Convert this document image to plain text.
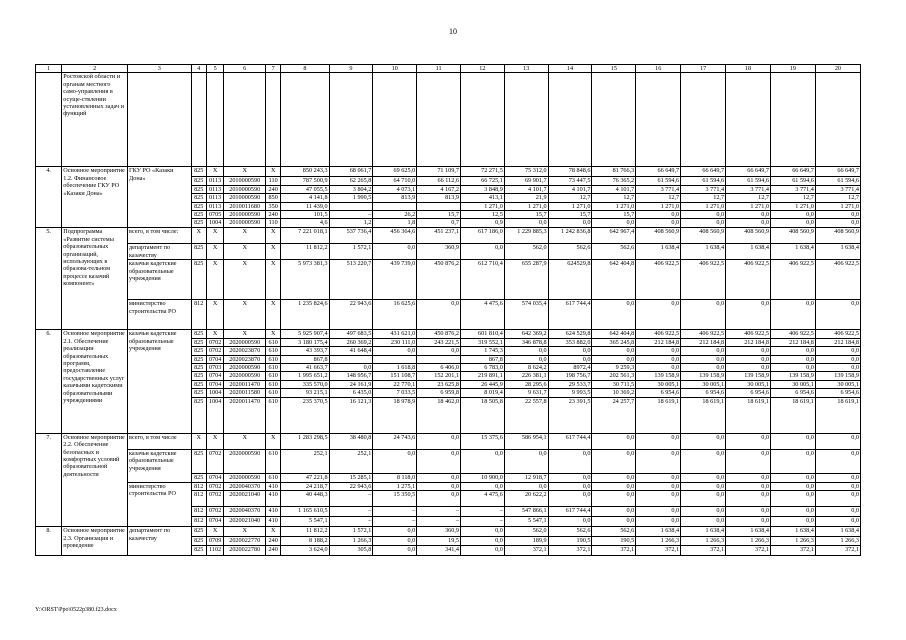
10
1	2	3	4	5	6	7	8	9	10	11	12	13	14	15	16	17	18	19	20
	Ростовской области и органам местного само-управления в осуще-ствлении установленных задач и функций																		
4.	Основное мероприятие 1.2. Финансовое обеспечение ГКУ РО «Казаки Дона»	ГКУ РО «Казаки Дона»	825	X	X	X	850 243,3	68 061,7	69 625,0	71 109,7	72 271,5	75 312,0	78 848,6	81 766,3	66 649,7	66 649,7	66 649,7	66 649,7	66 649,7
			825	0113	2010000590	110	787 500,9	62 265,8	64 710,0	66 112,6	66 725,1	69 901,7	73 447,5	76 365,2	61 594,6	61 594,6	61 594,6	61 594,6	61 594,6
			825	0113	2010000590	240	47 055,5	3 804,2	4 073,1	4 167,2	3 848,9	4 101,7	4 101,7	4 101,7	3 771,4	3 771,4	3 771,4	3 771,4	3 771,4
			825	0113	2010000590	850	4 141,8	1 990,5	813,9	813,9	413,1	21,9	12,7	12,7	12,7	12,7	12,7	12,7	12,7
			825	0113	2010011680	350	11 439,0				1 271,0	1 271,0	1 271,0	1 271,0	1 271,0	1 271,0	1 271,0	1 271,0	1 271,0
			825	0705	2010000590	240	101,5	–	26,2	15,7	12,5	15,7	15,7	15,7	0,0	0,0	0,0	0,0	0,0
			825	1004	2010000590	110	4,6	1,2	1,8	0,7	0,9	0,0	0,0	0,0	0,0	0,0	0,0	0,0	0,0
5.	Подпрограмма «Развитие системы образовательных организаций, использующих в образова-тельном процессе казачий компонент»	всего, в том числе:	X	X	X	X	7 221 018,1	537 736,4	456 364,6	451 237,1	617 186,0	1 229 885,3	1 242 836,8	642 967,4	408 560,9	408 560,9	408 560,9	408 560,9	408 560,9
		департамент по казачеству	825	X	X	X	11 812,2	1 572,1	0,0	360,9	0,0	562,0	562,6	562,6	1 638,4	1 638,4	1 638,4	1 638,4	1 638,4
		казачьи кадетские образовательные учреждения	825	X	X	X	5 973 381,3	513 220,7	439 739,0	450 876,2	612 710,4	655 287,9	624529,8	642 404,8	406 922,5	406 922,5	406 922,5	406 922,5	406 922,5
		министерство строительства РО	812	X	X	X	1 235 824,6	22 943,6	16 625,6	0,0	4 475,6	574 035,4	617 744,4	0,0	0,0	0,0	0,0	0,0	0,0
6.	Основное мероприятие 2.1. Обеспечение реализации образовательных программ, предоставление государственных услуг казачьими кадетскими образовательными учреждениями	казачьи кадетские образовательные учреждения	825	X	X	X	5 925 907,4	497 683,5	431 621,0	450 876,2	601 810,4	642 369,2	624 529,8	642 404,8	406 922,5	406 922,5	406 922,5	406 922,5	406 922,5
			825	0702	2020000590	610	3 180 175,4	260 369,2	230 111,0	243 221,5	319 552,1	346 878,8	353 882,0	365 245,8	212 184,8	212 184,8	212 184,8	212 184,8	212 184,8
			825	0702	2020023870	610	43 393,7	41 648,4	0,0	0,0	1 745,3	0,0	0,0	0,0	0,0	0,0	0,0	0,0	0,0
			825	0704	2020023870	610	867,8				867,8	0,0	0,0	0,0	0,0	0,0	0,0	0,0	0,0
			825	0703	2020000590	610	41 663,7	0,0	1 618,8	6 406,0	6 783,0	8 624,2	8972,4	9 259,3	0,0	0,0	0,0	0,0	0,0
			825	0704	2020000590	610	1 995 651,2	148 956,7	151 108,7	152 201,1	219 891,1	226 381,1	198 756,7	202 561,3	139 158,9	139 158,9	139 158,9	139 158,9	139 158,9
			825	0704	2020011470	610	335 570,0	24 161,9	22 770,1	23 625,8	26 445,9	28 295,6	29 533,7	30 711,5	30 005,1	30 005,1	30 005,1	30 005,1	30 005,1
			825	1004	2020011580	610	93 215,1	6 435,0	7 033,5	6 959,8	8 019,4	9 631,7	9 993,5	10 369,2	6 954,6	6 954,6	6 954,6	6 954,6	6 954,6
			825	1004	2020011470	610	235 370,5	16 121,3	18 978,9	18 462,0	18 505,8	22 557,8	23 391,5	24 257,7	18 619,1	18 619,1	18 619,1	18 619,1	18 619,1
7.	Основное мероприятие 2.2. Обеспечение безопасных и комфортных условий образовательной деятельности	всего, в том числе	X	X	X	X	1 283 298,5	38 480,8	24 743,6	0,0	15 375,6	586 954,1	617 744,4	0,0	0,0	0,0	0,0	0,0	0,0
		казачьи кадетские образовательные учреждения	825	0702	2020000590	610	252,1	252,1	0,0	0,0	0,0	0,0	0,0	0,0	0,0	0,0	0,0	0,0	0,0
			825	0704	2020000590	610	47 221,8	15 285,1	8 118,0	0,0	10 900,0	12 918,7	0,0	0,0	0,0	0,0	0,0	0,0	0,0
		министерство строительства РО	812	0702	2020040370	410	24 218,7	22 943,6	1 275,1	0,0	0,0	0,0	0,0	0,0	0,0	0,0	0,0	0,0	0,0
			812	0702	2020021040	410	40 448,3	–	15 350,5	0,0	4 475,6	20 622,2	0,0	0,0	0,0	0,0	0,0	0,0	0,0
			812	0702	2020040370	410	1 165 610,5	–	–	–	–	547 866,1	617 744,4	0,0	0,0	0,0	0,0	0,0	0,0
			812	0704	2020021040	410	5 547,1	–	–	–	–	5 547,1	0,0	0,0	0,0	0,0	0,0	0,0	0,0
8.	Основное мероприятие 2.3. Организация и проведение	департамент по казачеству	825	X	X	X	11 812,2	1 572,1	0,0	360,9	0,0	562,0	562,6	562,6	1 638,4	1 638,4	1 638,4	1 638,4	1 638,4
			825	0709	2020022770	240	8 188,2	1 266,3	0,0	19,5	0,0	189,9	190,5	190,5	1 266,3	1 266,3	1 266,3	1 266,3	1 266,3
			825	1102	2020022780	240	3 624,0	305,8	0,0	341,4	0,0	372,1	372,1	372,1	372,1	372,1	372,1	372,1	372,1
Y:\ORST\Ppo\0522p380.f23.docx
